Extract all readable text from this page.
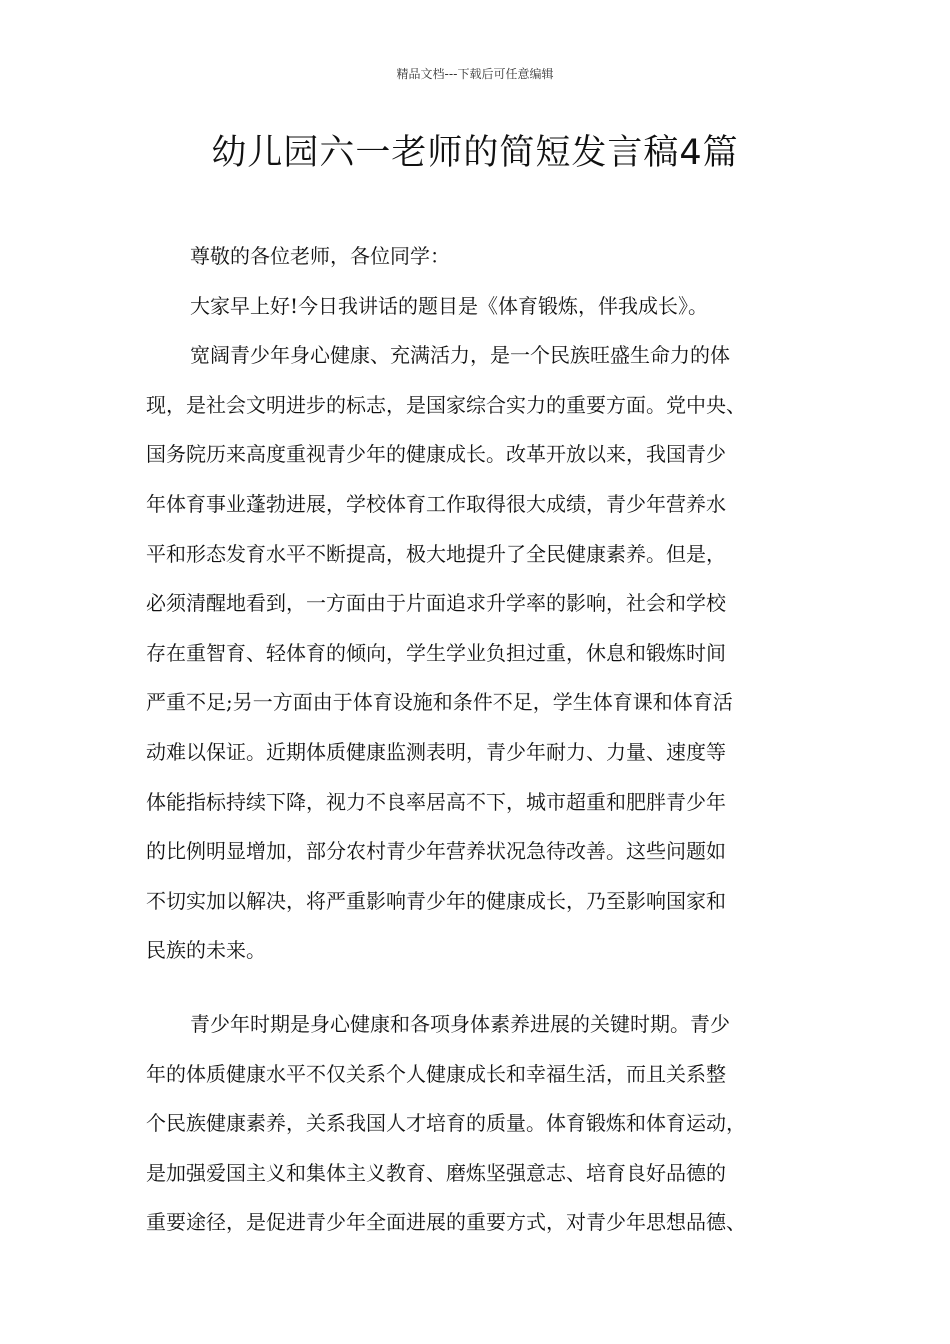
精品文档---下载后可任意编辑
幼儿园六一老师的简短发言稿4篇
尊敬的各位老师，各位同学：
大家早上好!今日我讲话的题目是《体育锻炼，伴我成长》。
宽阔青少年身心健康、充满活力，是一个民族旺盛生命力的体
现，是社会文明进步的标志，是国家综合实力的重要方面。党中央、
国务院历来高度重视青少年的健康成长。改革开放以来，我国青少
年体育事业蓬勃进展，学校体育工作取得很大成绩，青少年营养水
平和形态发育水平不断提高，极大地提升了全民健康素养。但是，
必须清醒地看到，一方面由于片面追求升学率的影响，社会和学校
存在重智育、轻体育的倾向，学生学业负担过重，休息和锻炼时间
严重不足;另一方面由于体育设施和条件不足，学生体育课和体育活
动难以保证。近期体质健康监测表明，青少年耐力、力量、速度等
体能指标持续下降，视力不良率居高不下，城市超重和肥胖青少年
的比例明显增加，部分农村青少年营养状况急待改善。这些问题如
不切实加以解决，将严重影响青少年的健康成长，乃至影响国家和
民族的未来。
青少年时期是身心健康和各项身体素养进展的关键时期。青少
年的体质健康水平不仅关系个人健康成长和幸福生活，而且关系整
个民族健康素养，关系我国人才培育的质量。体育锻炼和体育运动，
是加强爱国主义和集体主义教育、磨炼坚强意志、培育良好品德的
重要途径，是促进青少年全面进展的重要方式，对青少年思想品德、
